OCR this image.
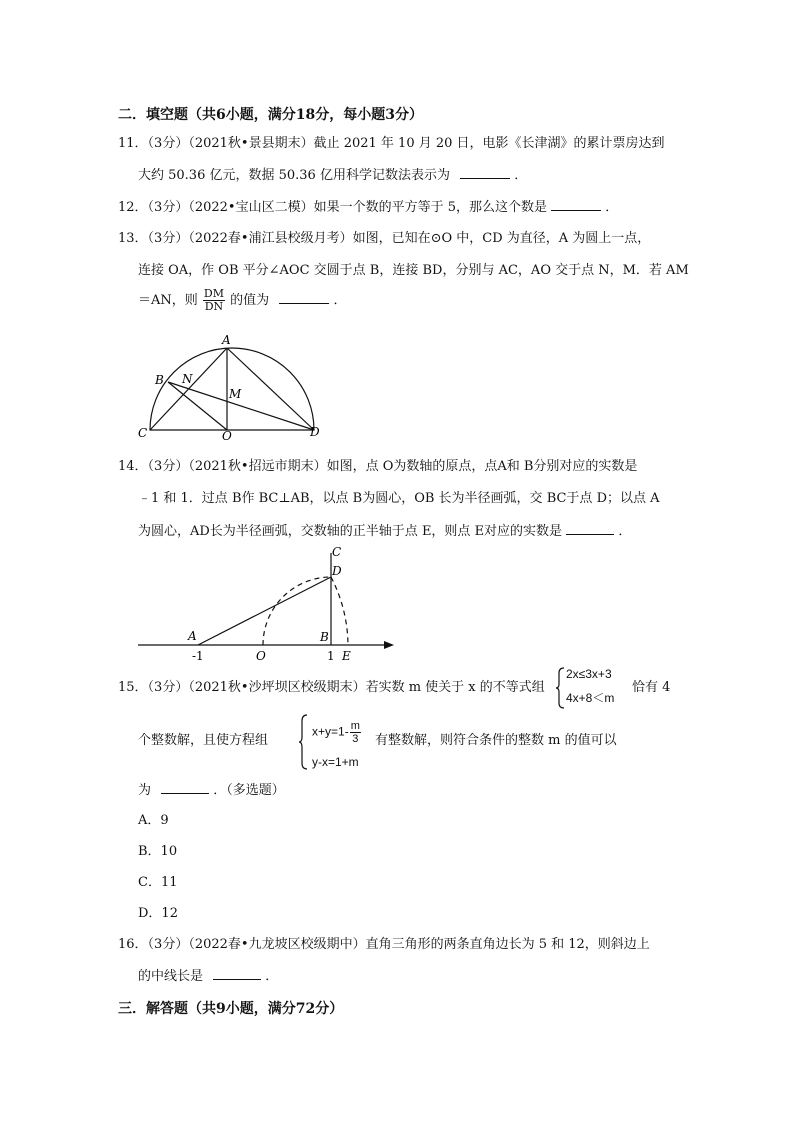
二．填空题（共6小题，满分18分，每小题3分）
11．（3分）（2021秋•景县期末）截止 2021 年 10 月 20 日，电影《长津湖》的累计票房达到
大约 50.36 亿元，数据 50.36 亿用科学记数法表示为	．
12．（3分）（2022•宝山区二模）如果一个数的平方等于 5，那么这个数是	．
13．（3分）（2022春•浦江县校级月考）如图，已知在⊙O 中，CD 为直径，A 为圆上一点，
连接 OA，作 OB 平分∠AOC 交圆于点 B，连接 BD，分别与 AC，AO 交于点 N，M．若 AM
＝AN，则 $\frac{DM}{DN}$ 的值为	．
A
B N
M
C	O	D
14．（3分）（2021秋•招远市期末）如图，点 O为数轴的原点，点A和 B分别对应的实数是
﹣1 和 1．过点 B作 BC⊥AB，以点 B为圆心，OB 长为半径画弧，交 BC于点 D；以点 A
为圆心，AD长为半径画弧，交数轴的正半轴于点 E，则点 E对应的实数是	．
C
D
A	B
-1	O	1 E
15．（3分）（2021秋•沙坪坝区校级期末）若实数 m 使关于 x 的不等式组
2x≤3x+3
4x+8＜m
恰有 4
个整数解，且使方程组
$x+y=1- \frac{m}{3}$
y-x=1+m
有整数解，则符合条件的整数 m 的值可以
为	．（多选题）
A．9
B．10
C．11
D．12
16．（3分）（2022春•九龙坡区校级期中）直角三角形的两条直角边长为 5 和 12，则斜边上
的中线长是	．
三．解答题（共9小题，满分72分）
